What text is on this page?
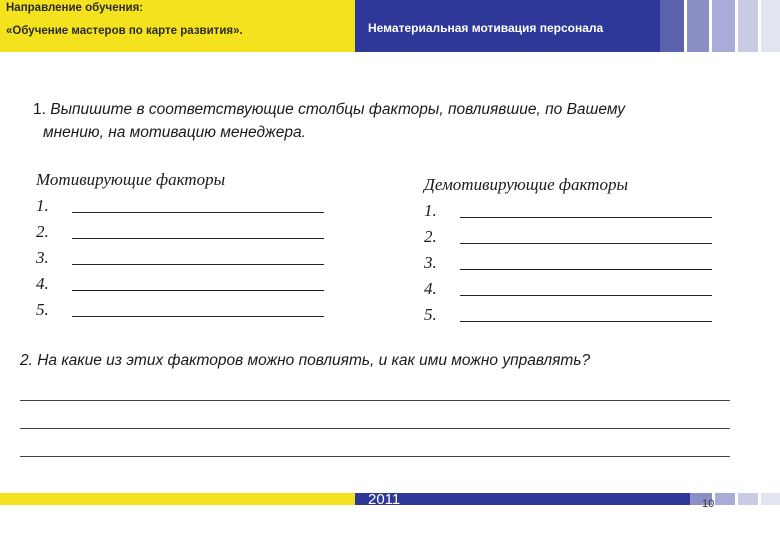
Направление обучения:
«Обучение мастеров по карте развития».	Нематериальная мотивация персонала
1. Выпишите в соответствующие столбцы факторы, повлиявшие, по Вашему
мнению, на мотивацию менеджера.
Мотивирующие факторы
1.
2.
3.
4.
5.
Демотивирующие факторы
1.
2.
3.
4.
5.
2. На какие из этих факторов можно повлиять, и как ими можно управлять?
2011	10
